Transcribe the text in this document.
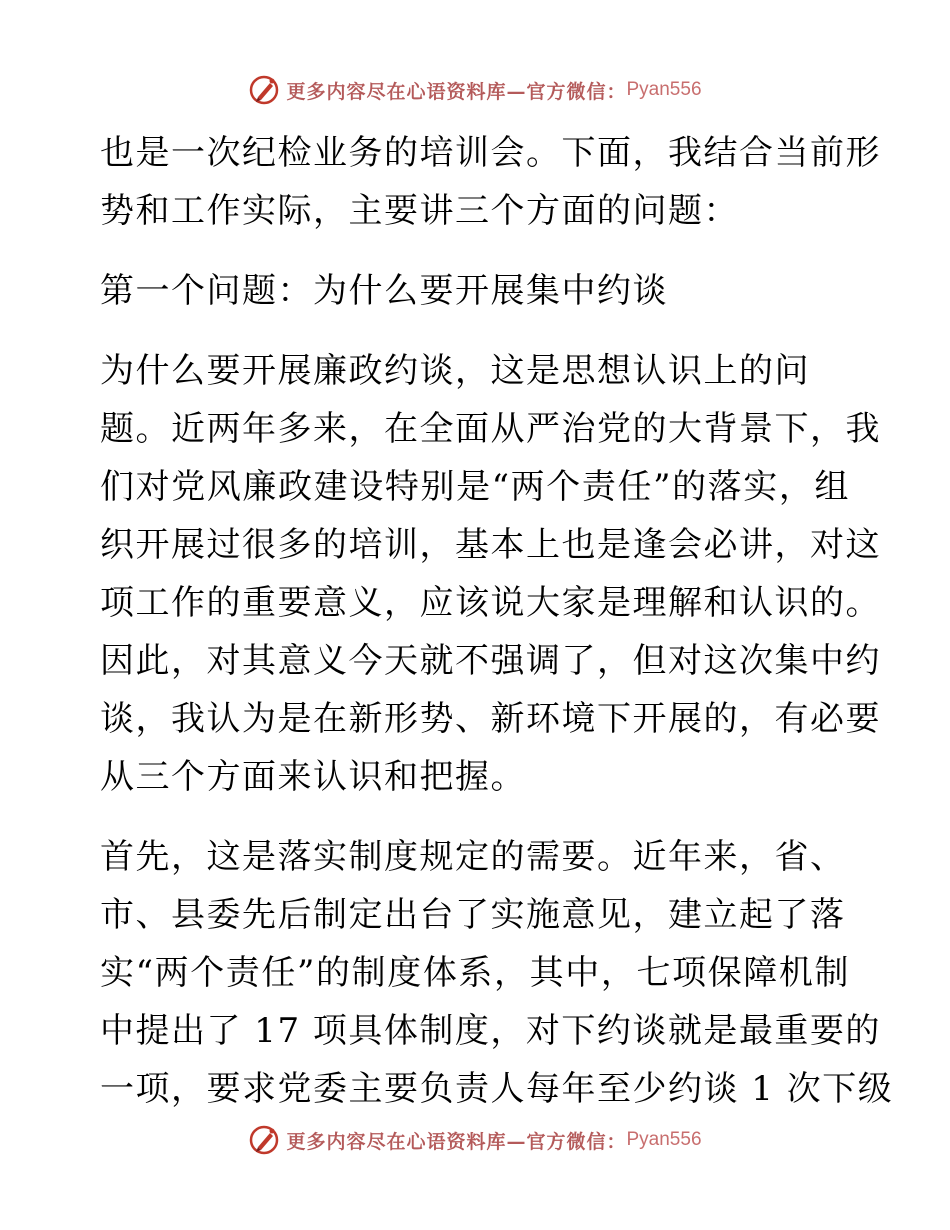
更多内容尽在心语资料库—官方微信： Pyan556
也是一次纪检业务的培训会。下面，我结合当前形
势和工作实际，主要讲三个方面的问题：
第一个问题：为什么要开展集中约谈
为什么要开展廉政约谈，这是思想认识上的问
题。近两年多来，在全面从严治党的大背景下，我
们对党风廉政建设特别是“两个责任”的落实，组
织开展过很多的培训，基本上也是逢会必讲，对这
项工作的重要意义，应该说大家是理解和认识的。
因此，对其意义今天就不强调了，但对这次集中约
谈，我认为是在新形势、新环境下开展的，有必要
从三个方面来认识和把握。
首先，这是落实制度规定的需要。近年来，省、
市、县委先后制定出台了实施意见，建立起了落
实“两个责任”的制度体系，其中，七项保障机制
中提出了 17 项具体制度，对下约谈就是最重要的
一项，要求党委主要负责人每年至少约谈 1 次下级
更多内容尽在心语资料库—官方微信： Pyan556
